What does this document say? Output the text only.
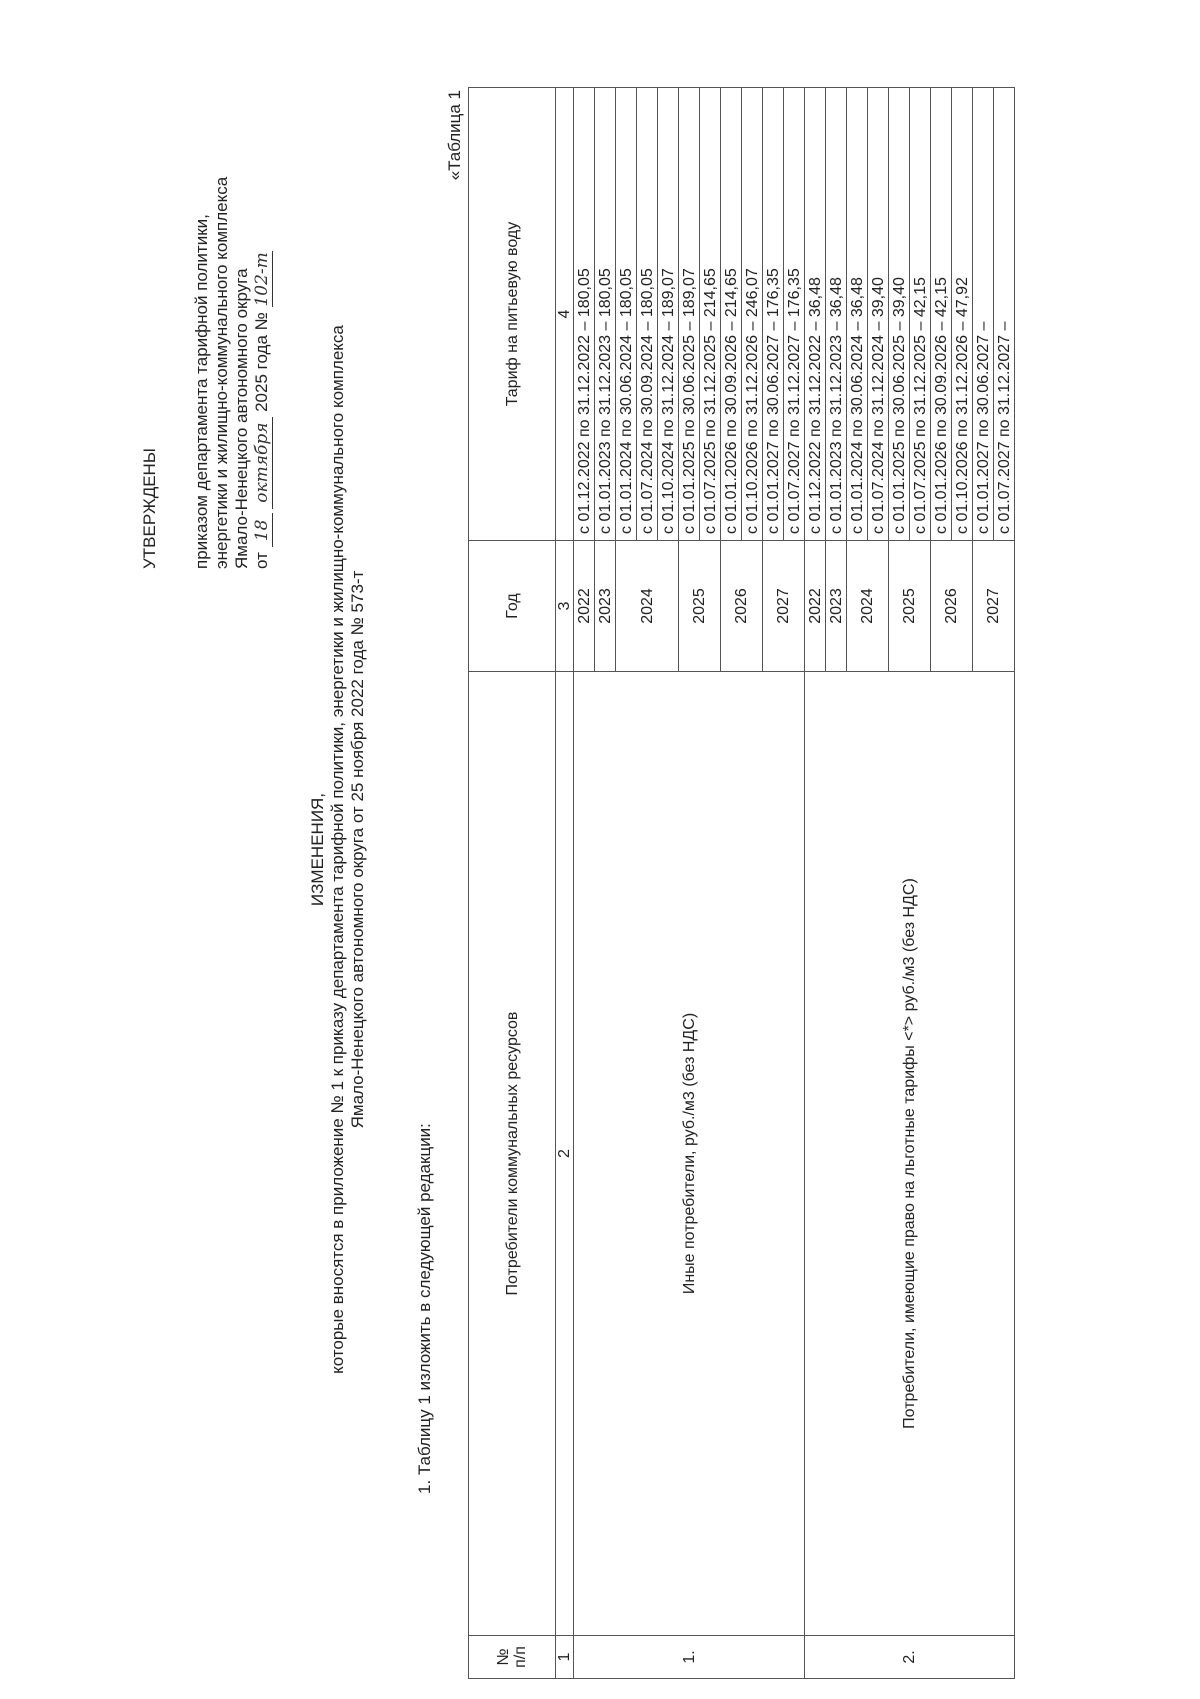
УТВЕРЖДЕНЫ приказом департамента тарифной политики, энергетики и жилищно-коммунального комплекса Ямало-Ненецкого автономного округа от 18 октября 2025 года № 102-т
ИЗМЕНЕНИЯ, которые вносятся в приложение № 1 к приказу департамента тарифной политики, энергетики и жилищно-коммунального комплекса Ямало-Ненецкого автономного округа от 25 ноября 2022 года № 573-т
1. Таблицу 1 изложить в следующей редакции:
«Таблица 1
№ п/п	Потребители коммунальных ресурсов	Год	Тариф на питьевую воду
1	2	3	4
1.	Иные потребители, руб./м3 (без НДС)	2022	с 01.12.2022 по 31.12.2022 – 180,05
		2023	с 01.01.2023 по 31.12.2023 – 180,05
		2024	с 01.01.2024 по 30.06.2024 – 180,05
			с 01.07.2024 по 30.09.2024 – 180,05
			с 01.10.2024 по 31.12.2024 – 189,07
		2025	с 01.01.2025 по 30.06.2025 – 189,07
			с 01.07.2025 по 31.12.2025 – 214,65
		2026	с 01.01.2026 по 30.09.2026 – 214,65
			с 01.10.2026 по 31.12.2026 – 246,07
		2027	с 01.01.2027 по 30.06.2027 – 176,35
			с 01.07.2027 по 31.12.2027 – 176,35
2.	Потребители, имеющие право на льготные тарифы <*> руб./м3 (без НДС)	2022	с 01.12.2022 по 31.12.2022 – 36,48
		2023	с 01.01.2023 по 31.12.2023 – 36,48
		2024	с 01.01.2024 по 30.06.2024 – 36,48
			с 01.07.2024 по 31.12.2024 – 39,40
		2025	с 01.01.2025 по 30.06.2025 – 39,40
			с 01.07.2025 по 31.12.2025 – 42,15
		2026	с 01.01.2026 по 30.09.2026 – 42,15
			с 01.10.2026 по 31.12.2026 – 47,92
		2027	с 01.01.2027 по 30.06.2027 –
			с 01.07.2027 по 31.12.2027 –
